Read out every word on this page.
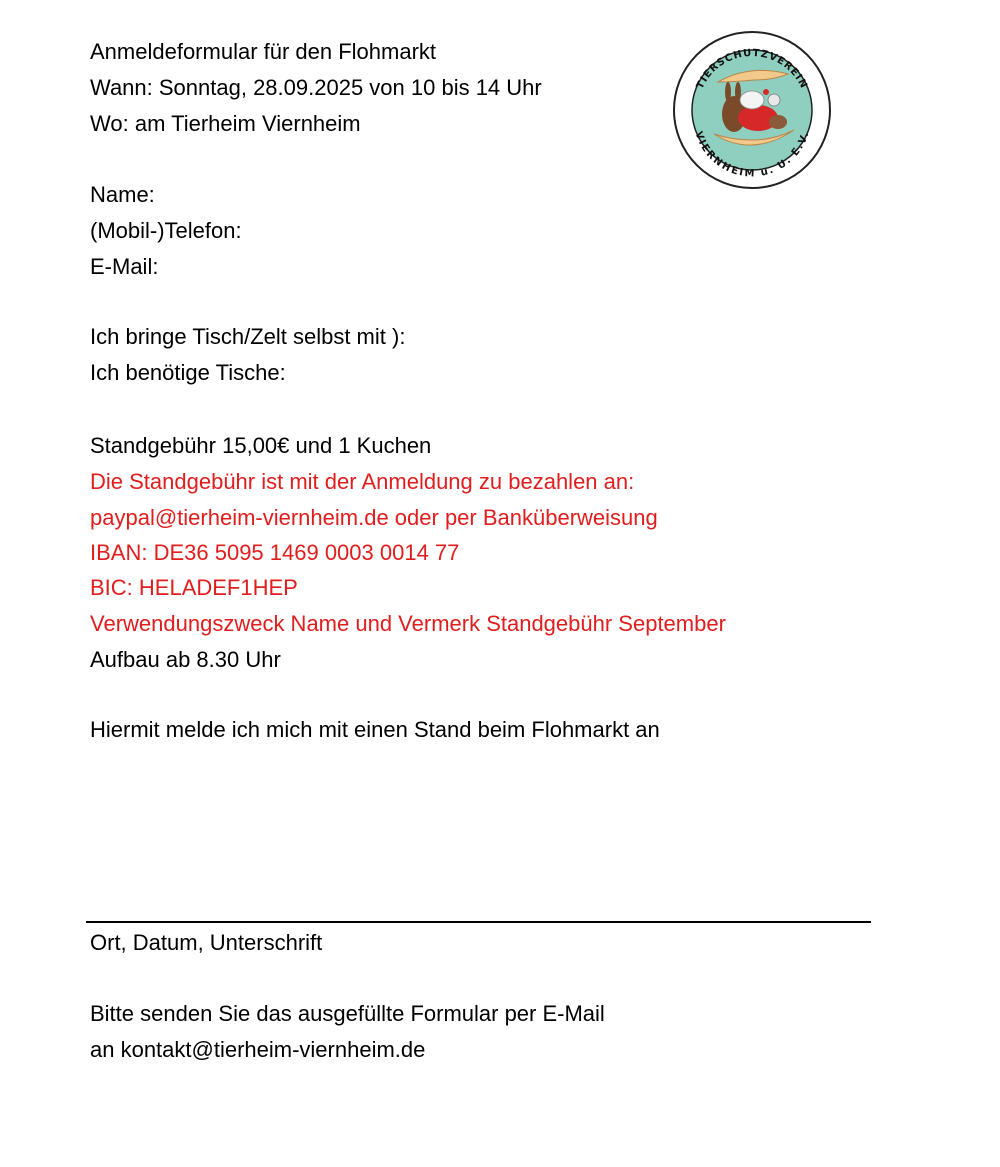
TIERSCHUTZVEREIN
VIERNHEIM u. U. E.V.

Anmeldeformular für den Flohmarkt

Wann: Sonntag, 28.09.2025 von 10 bis 14 Uhr

Wo: am Tierheim Viernheim

Name:

(Mobil-)Telefon:

E-Mail:

Ich bringe Tisch/Zelt selbst mit ):

Ich benötige Tische:

Standgebühr 15,00€ und 1 Kuchen

Die Standgebühr ist mit der Anmeldung zu bezahlen an:

paypal@tierheim-viernheim.de oder per Banküberweisung

IBAN: DE36 5095 1469 0003 0014 77

BIC: HELADEF1HEP

Verwendungszweck Name und Vermerk Standgebühr September

Aufbau ab 8.30 Uhr

Hiermit melde ich mich mit einen Stand beim Flohmarkt an

Ort, Datum, Unterschrift

Bitte senden Sie das ausgefüllte Formular per E-Mail

an kontakt@tierheim-viernheim.de
